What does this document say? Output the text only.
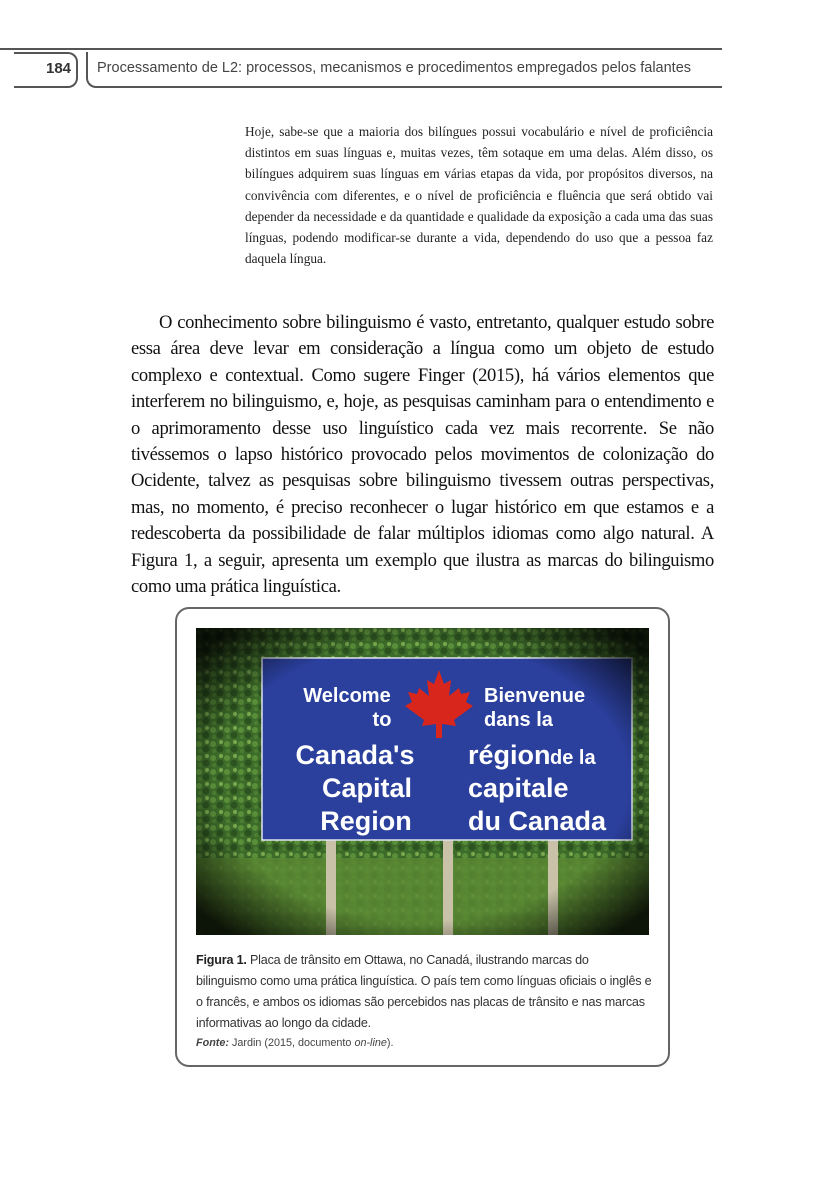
184 Processamento de L2: processos, mecanismos e procedimentos empregados pelos falantes
Hoje, sabe-se que a maioria dos bilíngues possui vocabulário e nível de proficiência distintos em suas línguas e, muitas vezes, têm sotaque em uma delas. Além disso, os bilíngues adquirem suas línguas em várias etapas da vida, por propósitos diversos, na convivência com diferentes, e o nível de proficiência e fluência que será obtido vai depender da necessidade e da quantidade e qualidade da exposição a cada uma das suas línguas, podendo modificar-se durante a vida, dependendo do uso que a pessoa faz daquela língua.
O conhecimento sobre bilinguismo é vasto, entretanto, qualquer estudo sobre essa área deve levar em consideração a língua como um objeto de estudo complexo e contextual. Como sugere Finger (2015), há vários elementos que interferem no bilinguismo, e, hoje, as pesquisas caminham para o entendimento e o aprimoramento desse uso linguístico cada vez mais recorrente. Se não tivéssemos o lapso histórico provocado pelos movimentos de colonização do Ocidente, talvez as pesquisas sobre bilinguismo tivessem outras perspectivas, mas, no momento, é preciso reconhecer o lugar histórico em que estamos e a redescoberta da possibilidade de falar múltiplos idiomas como algo natural. A Figura 1, a seguir, apresenta um exemplo que ilustra as marcas do bilinguismo como uma prática linguística.
Figura 1. Placa de trânsito em Ottawa, no Canadá, ilustrando marcas do bilinguismo como uma prática linguística. O país tem como línguas oficiais o inglês e o francês, e ambos os idiomas são percebidos nas placas de trânsito e nas marcas informativas ao longo da cidade.
Fonte: Jardin (2015, documento on-line).
